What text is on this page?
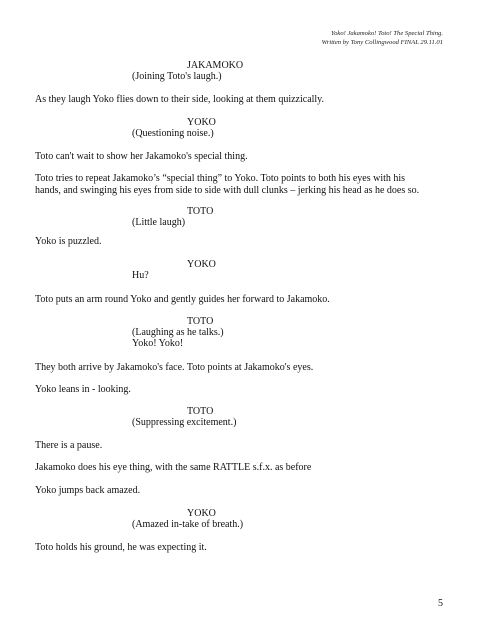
Yoko! Jakamoko! Toto! The Special Thing.
Written by Tony Collingwood FINAL 29.11.01
JAKAMOKO
(Joining Toto's laugh.)
As they laugh Yoko flies down to their side, looking at them quizzically.
YOKO
(Questioning noise.)
Toto can't wait to show her Jakamoko's special thing.
Toto tries to repeat Jakamoko’s “special thing” to Yoko. Toto points to both his eyes with his
hands, and swinging his eyes from side to side with dull clunks – jerking his head as he does so.
TOTO
(Little laugh)
Yoko is puzzled.
YOKO
Hu?
Toto puts an arm round Yoko and gently guides her forward to Jakamoko.
TOTO
(Laughing as he talks.)
Yoko! Yoko!
They both arrive by Jakamoko's face. Toto points at Jakamoko's eyes.
Yoko leans in - looking.
TOTO
(Suppressing excitement.)
There is a pause.
Jakamoko does his eye thing, with the same RATTLE s.f.x. as before
Yoko jumps back amazed.
YOKO
(Amazed in-take of breath.)
Toto holds his ground, he was expecting it.
5
